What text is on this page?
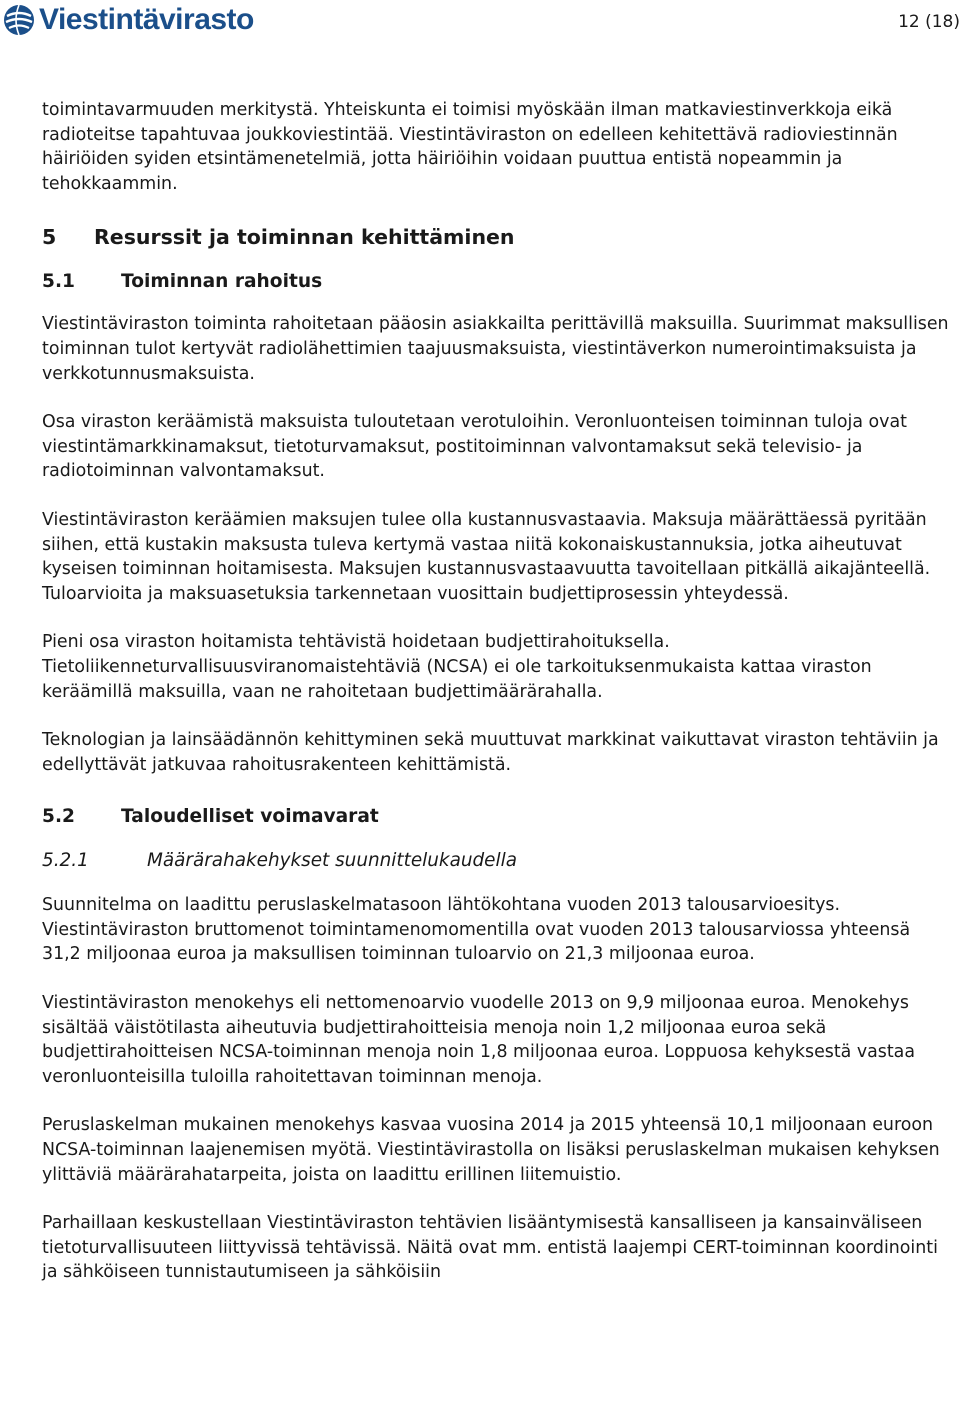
Viestintävirasto	12 (18)

toimintavarmuuden merkitystä. Yhteiskunta ei toimisi myöskään ilman matkaviestinverkkoja eikä radioteitse tapahtuvaa joukkoviestintää. Viestintäviraston on edelleen kehitettävä radioviestinnän häiriöiden syiden etsintämenetelmiä, jotta häiriöihin voidaan puuttua entistä nopeammin ja tehokkaammin.

5 Resurssit ja toiminnan kehittäminen
5.1 Toiminnan rahoitus

Viestintäviraston toiminta rahoitetaan pääosin asiakkailta perittävillä maksuilla. Suurimmat maksullisen toiminnan tulot kertyvät radiolähettimien taajuusmaksuista, viestintäverkon numerointimaksuista ja verkkotunnusmaksuista.

Osa viraston keräämistä maksuista tuloutetaan verotuloihin. Veronluonteisen toiminnan tuloja ovat viestintämarkkinamaksut, tietoturvamaksut, postitoiminnan valvontamaksut sekä televisio- ja radiotoiminnan valvontamaksut.

Viestintäviraston keräämien maksujen tulee olla kustannusvastaavia. Maksuja määrättäessä pyritään siihen, että kustakin maksusta tuleva kertymä vastaa niitä kokonaiskustannuksia, jotka aiheutuvat kyseisen toiminnan hoitamisesta. Maksujen kustannusvastaavuutta tavoitellaan pitkällä aikajänteellä. Tuloarvioita ja maksuasetuksia tarkennetaan vuosittain budjettiprosessin yhteydessä.

Pieni osa viraston hoitamista tehtävistä hoidetaan budjettirahoituksella. Tietoliikenneturvallisuusviranomaistehtäviä (NCSA) ei ole tarkoituksenmukaista kattaa viraston keräämillä maksuilla, vaan ne rahoitetaan budjettimäärärahalla.

Teknologian ja lainsäädännön kehittyminen sekä muuttuvat markkinat vaikuttavat viraston tehtäviin ja edellyttävät jatkuvaa rahoitusrakenteen kehittämistä.

5.2 Taloudelliset voimavarat
5.2.1	Määrärahakehykset suunnittelukaudella

Suunnitelma on laadittu peruslaskelmatasoon lähtökohtana vuoden 2013 talousarvioesitys. Viestintäviraston bruttomenot toimintamenomomentilla ovat vuoden 2013 talousarviossa yhteensä 31,2 miljoonaa euroa ja maksullisen toiminnan tuloarvio on 21,3 miljoonaa euroa.

Viestintäviraston menokehys eli nettomenoarvio vuodelle 2013 on 9,9 miljoonaa euroa. Menokehys sisältää väistötilasta aiheutuvia budjettirahoitteisia menoja noin 1,2 miljoonaa euroa sekä budjettirahoitteisen NCSA-toiminnan menoja noin 1,8 miljoonaa euroa. Loppuosa kehyksestä vastaa veronluonteisilla tuloilla rahoitettavan toiminnan menoja.

Peruslaskelman mukainen menokehys kasvaa vuosina 2014 ja 2015 yhteensä 10,1 miljoonaan euroon NCSA-toiminnan laajenemisen myötä. Viestintävirastolla on lisäksi peruslaskelman mukaisen kehyksen ylittäviä määrärahatarpeita, joista on laadittu erillinen liitemuistio.

Parhaillaan keskustellaan Viestintäviraston tehtävien lisääntymisestä kansalliseen ja kansainväliseen tietoturvallisuuteen liittyvissä tehtävissä. Näitä ovat mm. entistä laajempi CERT-toiminnan koordinointi ja sähköiseen tunnistautumiseen ja sähköisiin
